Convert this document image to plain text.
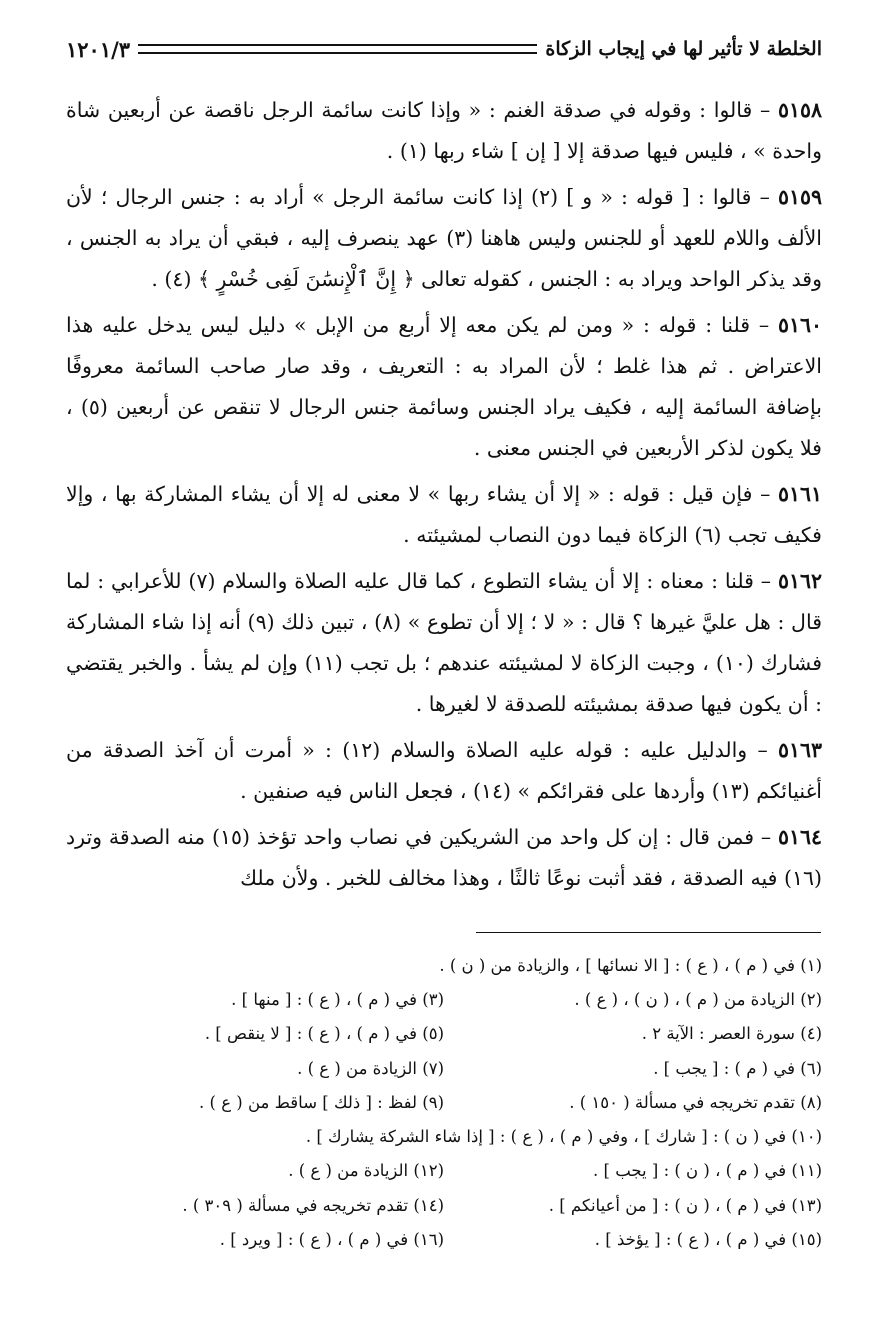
الخلطة لا تأثير لها في إيجاب الزكاة
١٢٠١/٣

٥١٥٨ – قالوا : وقوله في صدقة الغنم : « وإذا كانت سائمة الرجل ناقصة عن أربعين شاة واحدة » ، فليس فيها صدقة إلا [ إن ] شاء ربها (١) .

٥١٥٩ – قالوا : [ قوله : « و ] (٢) إذا كانت سائمة الرجل » أراد به : جنس الرجال ؛ لأن الألف واللام للعهد أو للجنس وليس هاهنا (٣) عهد ينصرف إليه ، فبقي أن يراد به الجنس ، وقد يذكر الواحد ويراد به : الجنس ، كقوله تعالى ﴿ إِنَّ ٱلْإِنسَٰنَ لَفِى خُسْرٍ ﴾ (٤) .

٥١٦٠ – قلنا : قوله : « ومن لم يكن معه إلا أربع من الإبل » دليل ليس يدخل عليه هذا الاعتراض . ثم هذا غلط ؛ لأن المراد به : التعريف ، وقد صار صاحب السائمة معروفًا بإضافة السائمة إليه ، فكيف يراد الجنس وسائمة جنس الرجال لا تنقص عن أربعين (٥) ، فلا يكون لذكر الأربعين في الجنس معنى .

٥١٦١ – فإن قيل : قوله : « إلا أن يشاء ربها » لا معنى له إلا أن يشاء المشاركة بها ، وإلا فكيف تجب (٦) الزكاة فيما دون النصاب لمشيئته .

٥١٦٢ – قلنا : معناه : إلا أن يشاء التطوع ، كما قال عليه الصلاة والسلام (٧) للأعرابي : لما قال : هل عليَّ غيرها ؟ قال : « لا ؛ إلا أن تطوع » (٨) ، تبين ذلك (٩) أنه إذا شاء المشاركة فشارك (١٠) ، وجبت الزكاة لا لمشيئته عندهم ؛ بل تجب (١١) وإن لم يشأ . والخبر يقتضي : أن يكون فيها صدقة بمشيئته للصدقة لا لغيرها .

٥١٦٣ – والدليل عليه : قوله عليه الصلاة والسلام (١٢) : « أمرت أن آخذ الصدقة من أغنيائكم (١٣) وأردها على فقرائكم » (١٤) ، فجعل الناس فيه صنفين .

٥١٦٤ – فمن قال : إن كل واحد من الشريكين في نصاب واحد تؤخذ (١٥) منه الصدقة وترد (١٦) فيه الصدقة ، فقد أثبت نوعًا ثالثًا ، وهذا مخالف للخبر . ولأن ملك

(١) في ( م ) ، ( ع ) : [ الا نسائها ] ، والزيادة من ( ن ) .
(٢) الزيادة من ( م ) ، ( ن ) ، ( ع ) .
(٣) في ( م ) ، ( ع ) : [ منها ] .
(٤) سورة العصر : الآية ٢ .
(٥) في ( م ) ، ( ع ) : [ لا ينقص ] .
(٦) في ( م ) : [ يجب ] .
(٧) الزيادة من ( ع ) .
(٨) تقدم تخريجه في مسألة ( ١٥٠ ) .
(٩) لفظ : [ ذلك ] ساقط من ( ع ) .
(١٠) في ( ن ) : [ شارك ] ، وفي ( م ) ، ( ع ) : [ إذا شاء الشركة يشارك ] .
(١١) في ( م ) ، ( ن ) : [ يجب ] .
(١٢) الزيادة من ( ع ) .
(١٣) في ( م ) ، ( ن ) : [ من أعيانكم ] .
(١٤) تقدم تخريجه في مسألة ( ٣٠٩ ) .
(١٥) في ( م ) ، ( ع ) : [ يؤخذ ] .
(١٦) في ( م ) ، ( ع ) : [ ويرد ] .
